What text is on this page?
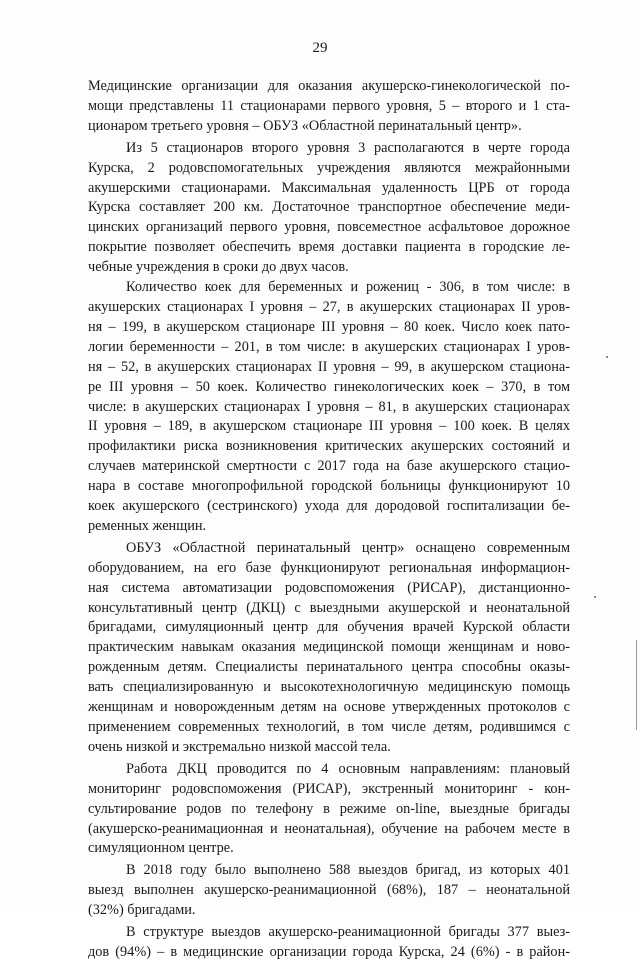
29

Медицинские организации для оказания акушерско-гинекологической по-
мощи представлены 11 стационарами первого уровня, 5 – второго и 1 ста-
ционаром третьего уровня – ОБУЗ «Областной перинатальный центр».

Из 5 стационаров второго уровня 3 располагаются в черте города
Курска, 2 родовспомогательных учреждения являются межрайонными
акушерскими стационарами. Максимальная удаленность ЦРБ от города
Курска составляет 200 км. Достаточное транспортное обеспечение меди-
цинских организаций первого уровня, повсеместное асфальтовое дорожное
покрытие позволяет обеспечить время доставки пациента в городские ле-
чебные учреждения в сроки до двух часов.

Количество коек для беременных и рожениц - 306, в том числе: в
акушерских стационарах I уровня – 27, в акушерских стационарах II уров-
ня – 199, в акушерском стационаре III уровня – 80 коек. Число коек пато-
логии беременности – 201, в том числе: в акушерских стационарах I уров-
ня – 52, в акушерских стационарах II уровня – 99, в акушерском стациона-
ре III уровня – 50 коек. Количество гинекологических коек – 370, в том
числе: в акушерских стационарах I уровня – 81, в акушерских стационарах
II уровня – 189, в акушерском стационаре III уровня – 100 коек. В целях
профилактики риска возникновения критических акушерских состояний и
случаев материнской смертности с 2017 года на базе акушерского стацио-
нара в составе многопрофильной городской больницы функционируют 10
коек акушерского (сестринского) ухода для дородовой госпитализации бе-
ременных женщин.

ОБУЗ «Областной перинатальный центр» оснащено современным
оборудованием, на его базе функционируют региональная информацион-
ная система автоматизации родовспоможения (РИСАР), дистанционно-
консультативный центр (ДКЦ) с выездными акушерской и неонатальной
бригадами, симуляционный центр для обучения врачей Курской области
практическим навыкам оказания медицинской помощи женщинам и ново-
рожденным детям. Специалисты перинатального центра способны оказы-
вать специализированную и высокотехнологичную медицинскую помощь
женщинам и новорожденным детям на основе утвержденных протоколов с
применением современных технологий, в том числе детям, родившимся с
очень низкой и экстремально низкой массой тела.

Работа ДКЦ проводится по 4 основным направлениям: плановый
мониторинг родовспоможения (РИСАР), экстренный мониторинг - кон-
сультирование родов по телефону в режиме on-line, выездные бригады
(акушерско-реанимационная и неонатальная), обучение на рабочем месте в
симуляционном центре.

В 2018 году было выполнено 588 выездов бригад, из которых 401
выезд выполнен акушерско-реанимационной (68%), 187 – неонатальной
(32%) бригадами.

В структуре выездов акушерско-реанимационной бригады 377 выез-
дов (94%) – в медицинские организации города Курска, 24 (6%) - в район-
